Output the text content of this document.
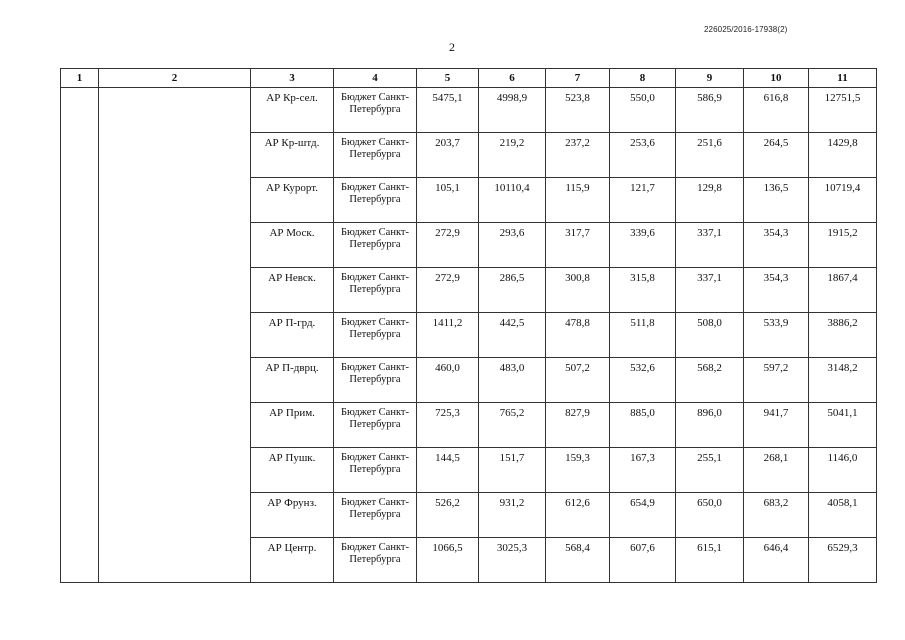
226025/2016-17938(2)
2
1	2	3	4	5	6	7	8	9	10	11
		АР Кр-сел.	Бюджет Санкт-Петербурга	5475,1	4998,9	523,8	550,0	586,9	616,8	12751,5
		АР Кр-штд.	Бюджет Санкт-Петербурга	203,7	219,2	237,2	253,6	251,6	264,5	1429,8
		АР Курорт.	Бюджет Санкт-Петербурга	105,1	10110,4	115,9	121,7	129,8	136,5	10719,4
		АР Моск.	Бюджет Санкт-Петербурга	272,9	293,6	317,7	339,6	337,1	354,3	1915,2
		АР Невск.	Бюджет Санкт-Петербурга	272,9	286,5	300,8	315,8	337,1	354,3	1867,4
		АР П-грд.	Бюджет Санкт-Петербурга	1411,2	442,5	478,8	511,8	508,0	533,9	3886,2
		АР П-дврц.	Бюджет Санкт-Петербурга	460,0	483,0	507,2	532,6	568,2	597,2	3148,2
		АР Прим.	Бюджет Санкт-Петербурга	725,3	765,2	827,9	885,0	896,0	941,7	5041,1
		АР Пушк.	Бюджет Санкт-Петербурга	144,5	151,7	159,3	167,3	255,1	268,1	1146,0
		АР Фрунз.	Бюджет Санкт-Петербурга	526,2	931,2	612,6	654,9	650,0	683,2	4058,1
		АР Центр.	Бюджет Санкт-Петербурга	1066,5	3025,3	568,4	607,6	615,1	646,4	6529,3
